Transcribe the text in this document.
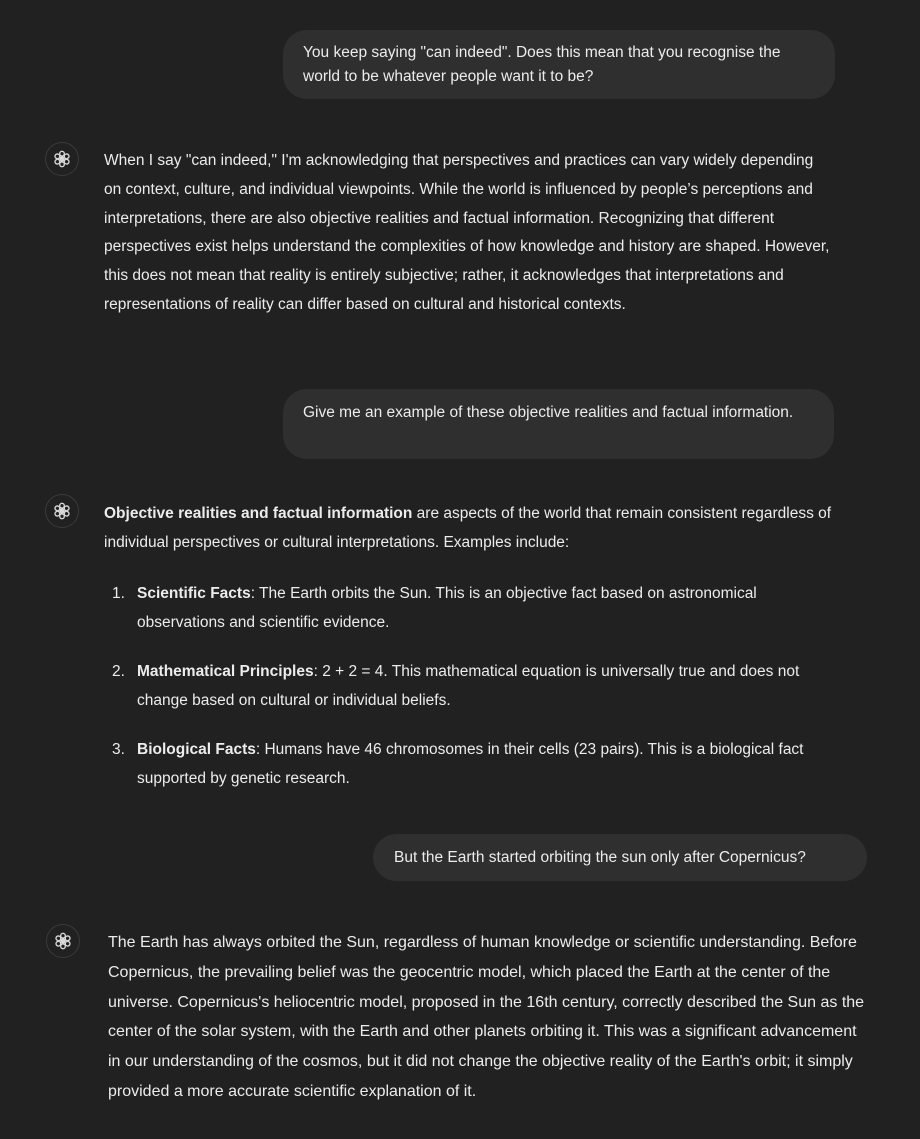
You keep saying "can indeed". Does this mean that you recognise the world to be whatever people want it to be?

When I say "can indeed," I'm acknowledging that perspectives and practices can vary widely depending on context, culture, and individual viewpoints. While the world is influenced by people’s perceptions and interpretations, there are also objective realities and factual information. Recognizing that different perspectives exist helps understand the complexities of how knowledge and history are shaped. However, this does not mean that reality is entirely subjective; rather, it acknowledges that interpretations and representations of reality can differ based on cultural and historical contexts.

Give me an example of these objective realities and factual information.

Objective realities and factual information are aspects of the world that remain consistent regardless of individual perspectives or cultural interpretations. Examples include:

1. Scientific Facts: The Earth orbits the Sun. This is an objective fact based on astronomical observations and scientific evidence.
2. Mathematical Principles: 2 + 2 = 4. This mathematical equation is universally true and does not change based on cultural or individual beliefs.
3. Biological Facts: Humans have 46 chromosomes in their cells (23 pairs). This is a biological fact supported by genetic research.
But the Earth started orbiting the sun only after Copernicus?

The Earth has always orbited the Sun, regardless of human knowledge or scientific understanding. Before Copernicus, the prevailing belief was the geocentric model, which placed the Earth at the center of the universe. Copernicus's heliocentric model, proposed in the 16th century, correctly described the Sun as the center of the solar system, with the Earth and other planets orbiting it. This was a significant advancement in our understanding of the cosmos, but it did not change the objective reality of the Earth's orbit; it simply provided a more accurate scientific explanation of it.
